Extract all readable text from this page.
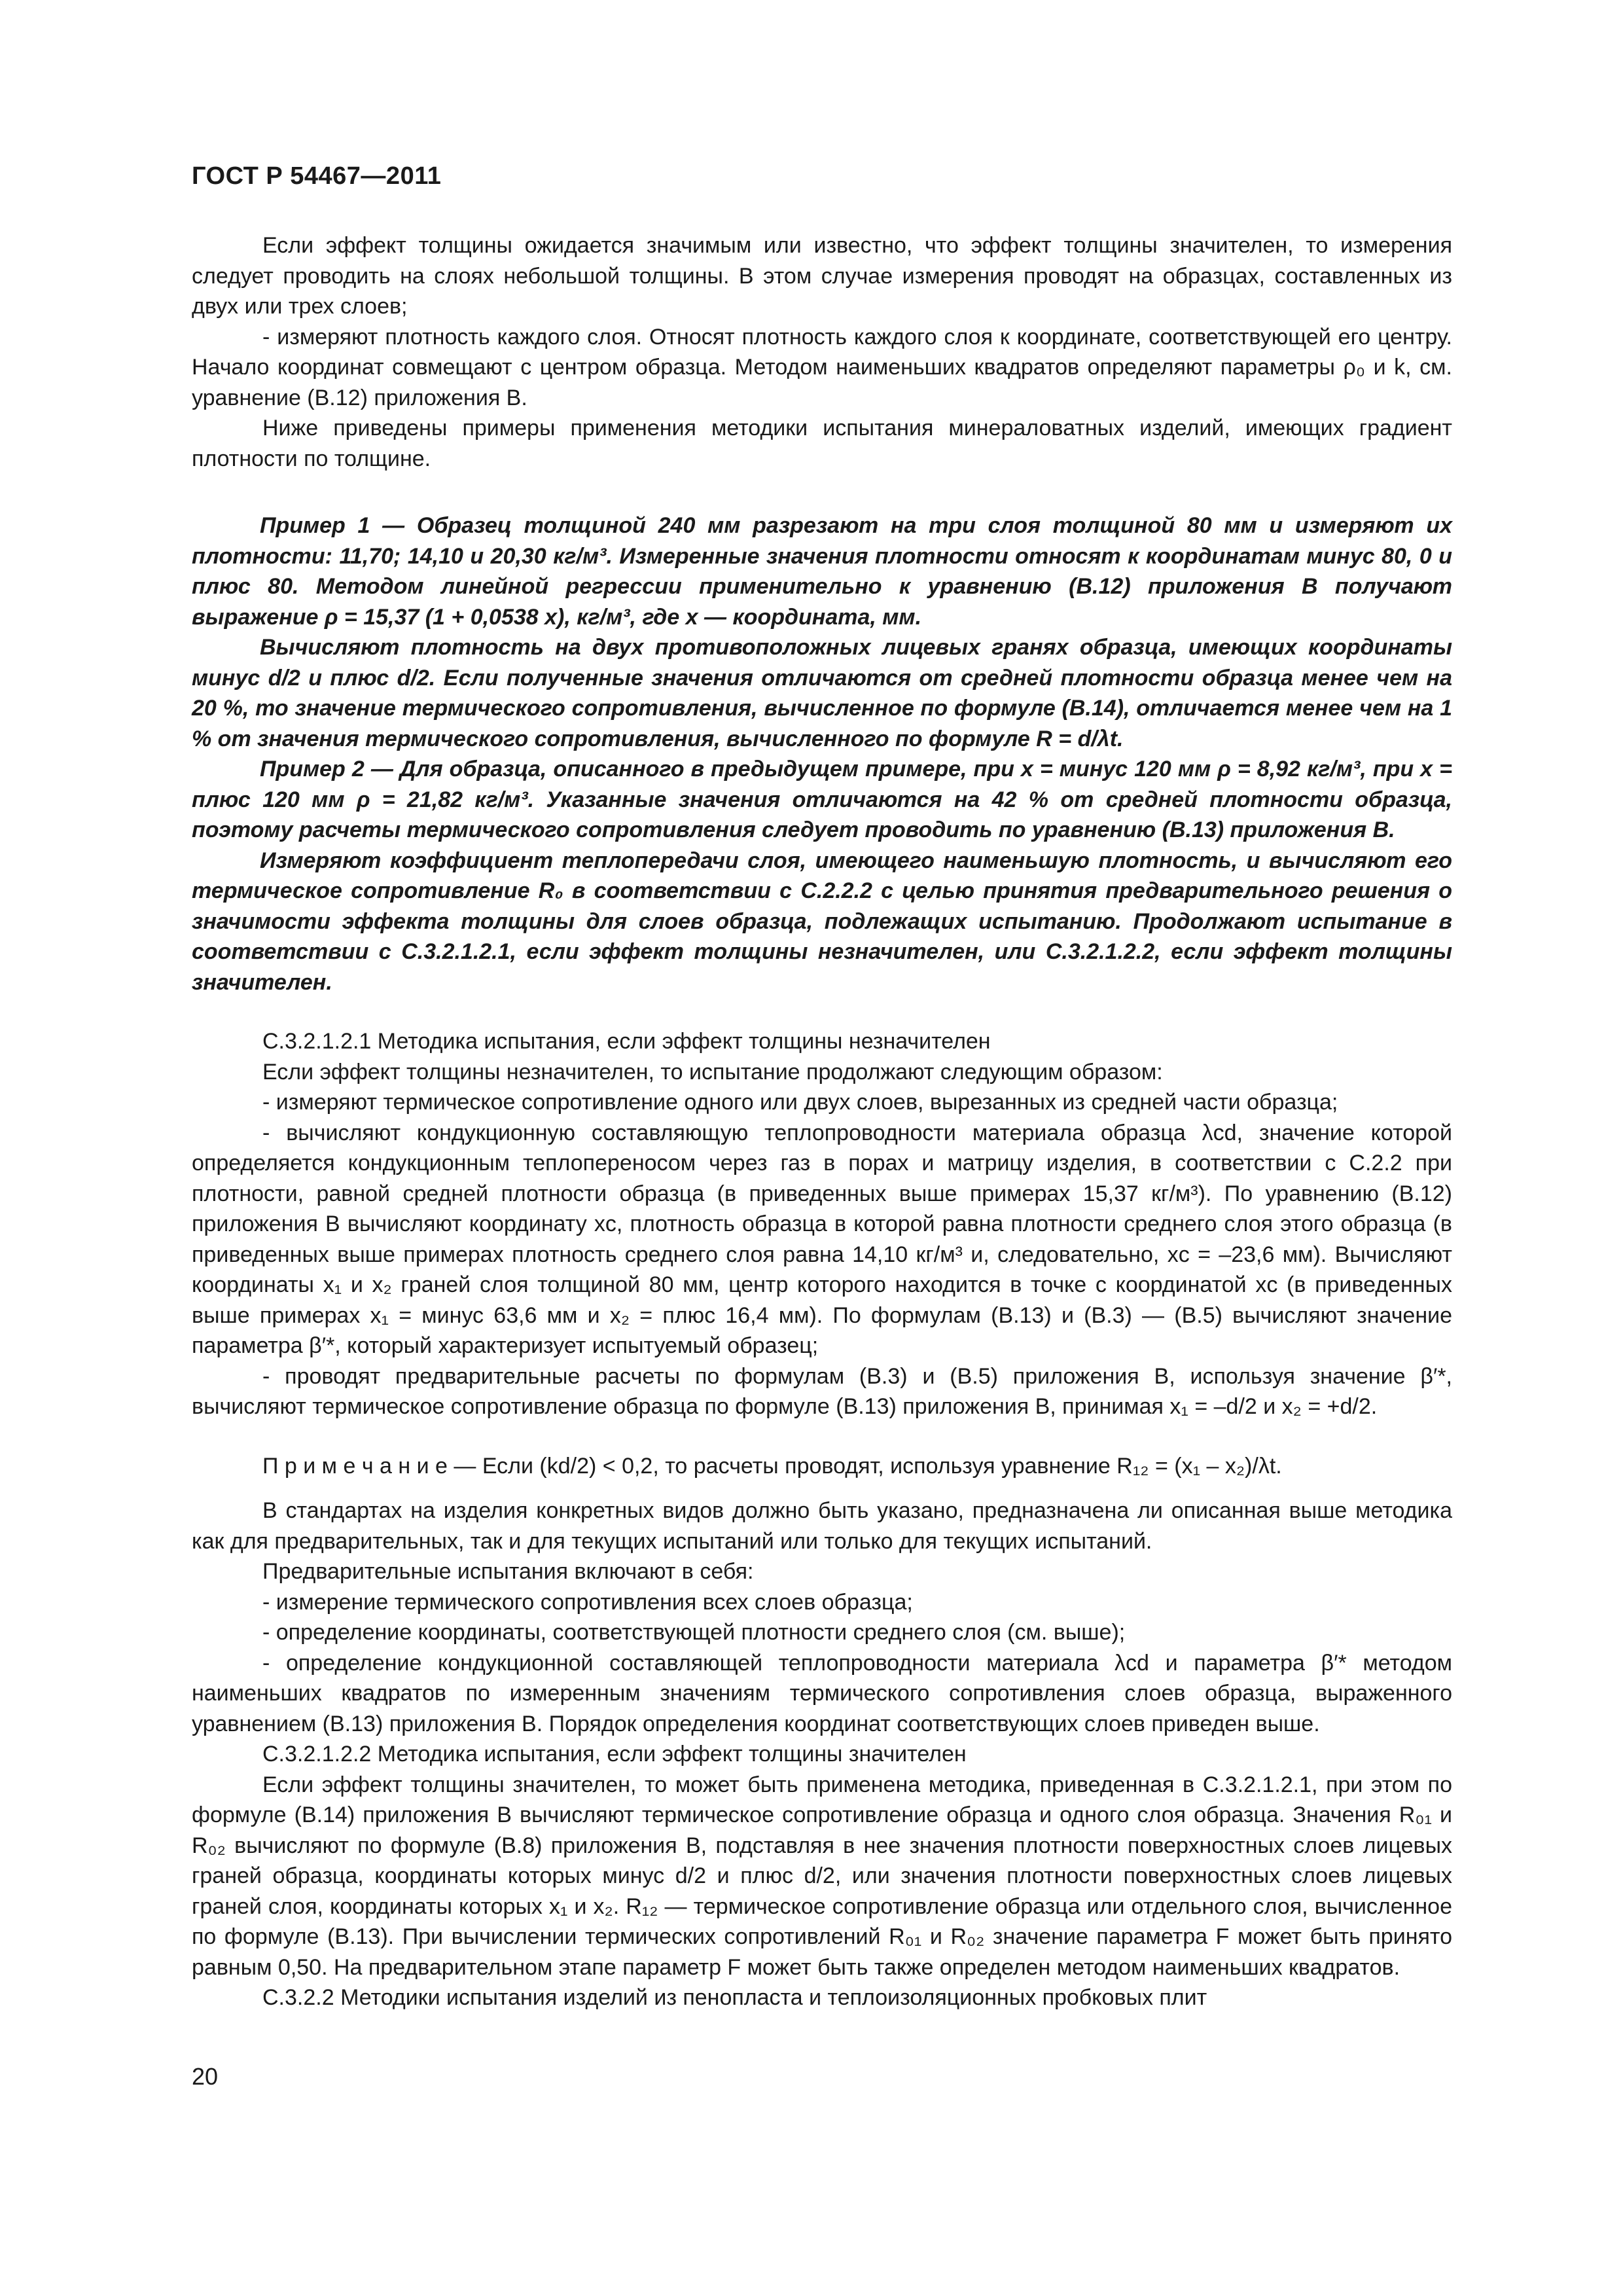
ГОСТ Р 54467—2011

Если эффект толщины ожидается значимым или известно, что эффект толщины значителен, то измерения следует проводить на слоях небольшой толщины. В этом случае измерения проводят на образцах, составленных из двух или трех слоев;

- измеряют плотность каждого слоя. Относят плотность каждого слоя к координате, соответствующей его центру. Начало координат совмещают с центром образца. Методом наименьших квадратов определяют параметры ρ₀ и k, см. уравнение (В.12) приложения В.

Ниже приведены примеры применения методики испытания минераловатных изделий, имеющих градиент плотности по толщине.

Пример 1 — Образец толщиной 240 мм разрезают на три слоя толщиной 80 мм и измеряют их плотности: 11,70; 14,10 и 20,30 кг/м³. Измеренные значения плотности относят к координатам минус 80, 0 и плюс 80. Методом линейной регрессии применительно к уравнению (В.12) приложения В получают выражение ρ = 15,37 (1 + 0,0538 x), кг/м³, где x — координата, мм.

Вычисляют плотность на двух противоположных лицевых гранях образца, имеющих координаты минус d/2 и плюс d/2. Если полученные значения отличаются от средней плотности образца менее чем на 20 %, то значение термического сопротивления, вычисленное по формуле (В.14), отличается менее чем на 1 % от значения термического сопротивления, вычисленного по формуле R = d/λt.

Пример 2 — Для образца, описанного в предыдущем примере, при x = минус 120 мм ρ = 8,92 кг/м³, при x = плюс 120 мм ρ = 21,82 кг/м³. Указанные значения отличаются на 42 % от средней плотности образца, поэтому расчеты термического сопротивления следует проводить по уравнению (В.13) приложения В.

Измеряют коэффициент теплопередачи слоя, имеющего наименьшую плотность, и вычисляют его термическое сопротивление R₀ в соответствии с С.2.2.2 с целью принятия предварительного решения о значимости эффекта толщины для слоев образца, подлежащих испытанию. Продолжают испытание в соответствии с С.3.2.1.2.1, если эффект толщины незначителен, или С.3.2.1.2.2, если эффект толщины значителен.

С.3.2.1.2.1 Методика испытания, если эффект толщины незначителен

Если эффект толщины незначителен, то испытание продолжают следующим образом:

- измеряют термическое сопротивление одного или двух слоев, вырезанных из средней части образца;

- вычисляют кондукционную составляющую теплопроводности материала образца λcd, значение которой определяется кондукционным теплопереносом через газ в порах и матрицу изделия, в соответствии с С.2.2 при плотности, равной средней плотности образца (в приведенных выше примерах 15,37 кг/м³). По уравнению (В.12) приложения В вычисляют координату xc, плотность образца в которой равна плотности среднего слоя этого образца (в приведенных выше примерах плотность среднего слоя равна 14,10 кг/м³ и, следовательно, xc = –23,6 мм). Вычисляют координаты x₁ и x₂ граней слоя толщиной 80 мм, центр которого находится в точке с координатой xc (в приведенных выше примерах x₁ = минус 63,6 мм и x₂ = плюс 16,4 мм). По формулам (В.13) и (В.3) — (В.5) вычисляют значение параметра β′*, который характеризует испытуемый образец;

- проводят предварительные расчеты по формулам (В.3) и (В.5) приложения В, используя значение β′*, вычисляют термическое сопротивление образца по формуле (В.13) приложения В, принимая x₁ = –d/2 и x₂ = +d/2.

П р и м е ч а н и е — Если (kd/2) < 0,2, то расчеты проводят, используя уравнение R₁₂ = (x₁ – x₂)/λt.

В стандартах на изделия конкретных видов должно быть указано, предназначена ли описанная выше методика как для предварительных, так и для текущих испытаний или только для текущих испытаний.

Предварительные испытания включают в себя:

- измерение термического сопротивления всех слоев образца;

- определение координаты, соответствующей плотности среднего слоя (см. выше);

- определение кондукционной составляющей теплопроводности материала λcd и параметра β′* методом наименьших квадратов по измеренным значениям термического сопротивления слоев образца, выраженного уравнением (В.13) приложения В. Порядок определения координат соответствующих слоев приведен выше.

С.3.2.1.2.2 Методика испытания, если эффект толщины значителен

Если эффект толщины значителен, то может быть применена методика, приведенная в С.3.2.1.2.1, при этом по формуле (В.14) приложения В вычисляют термическое сопротивление образца и одного слоя образца. Значения R₀₁ и R₀₂ вычисляют по формуле (В.8) приложения В, подставляя в нее значения плотности поверхностных слоев лицевых граней образца, координаты которых минус d/2 и плюс d/2, или значения плотности поверхностных слоев лицевых граней слоя, координаты которых x₁ и x₂. R₁₂ — термическое сопротивление образца или отдельного слоя, вычисленное по формуле (В.13). При вычислении термических сопротивлений R₀₁ и R₀₂ значение параметра F может быть принято равным 0,50. На предварительном этапе параметр F может быть также определен методом наименьших квадратов.

С.3.2.2 Методики испытания изделий из пенопласта и теплоизоляционных пробковых плит

20
